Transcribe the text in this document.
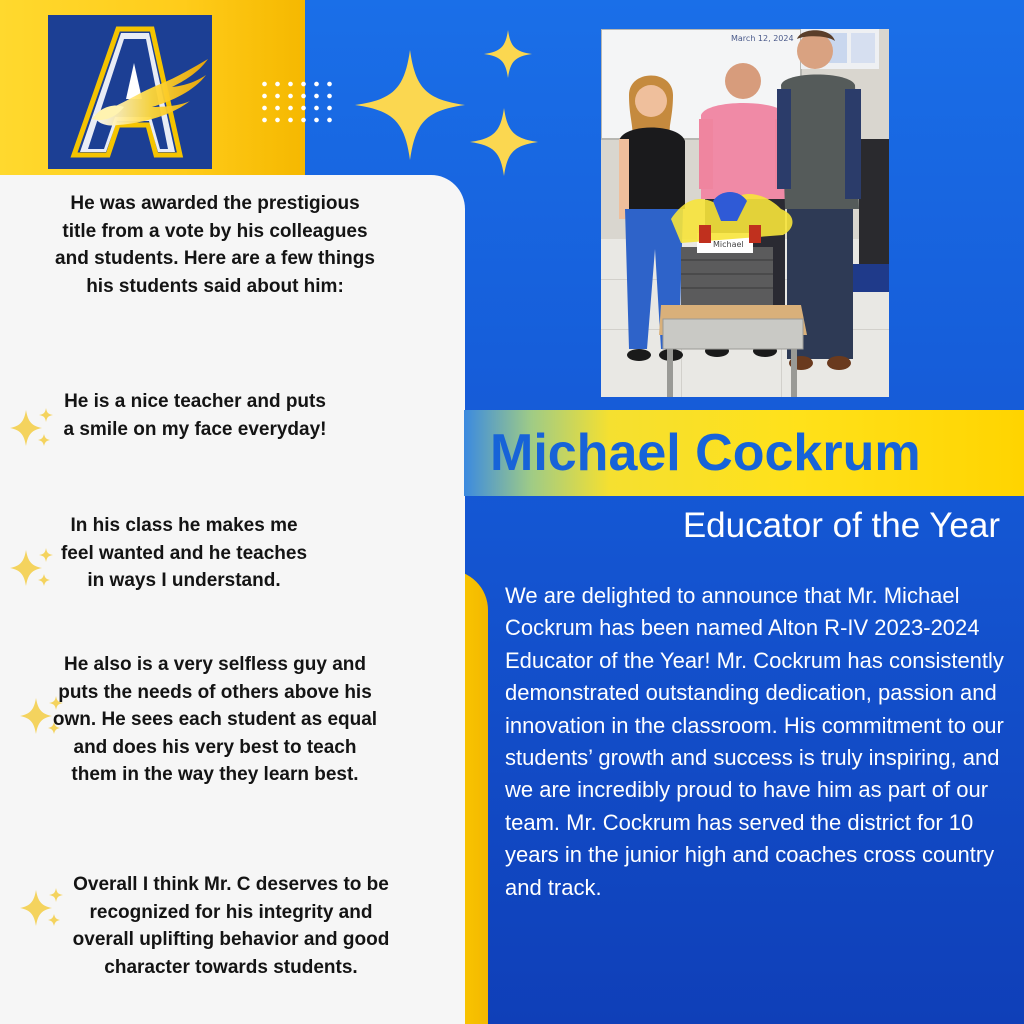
He was awarded the prestigious title from a vote by his colleagues and students. Here are a few things his students said about him:
He is a nice teacher and puts a smile on my face everyday!
In his class he makes me feel wanted and he teaches in ways I understand.
He also is a very selfless guy and puts the needs of others above his own. He sees each student as equal and does his very best to teach them in the way they learn best.
Overall I think Mr. C deserves to be recognized for his integrity and overall uplifting behavior and good character towards students.
March 12, 2024
Michael
Michael Cockrum
Educator of the Year
We are delighted to announce that Mr. Michael Cockrum has been named Alton R-IV 2023-2024 Educator of the Year! Mr. Cockrum has consistently demonstrated outstanding dedication, passion and innovation in the classroom. His commitment to our students’ growth and success is truly inspiring, and we are incredibly proud to have him as part of our team. Mr. Cockrum has served the district for 10 years in the junior high and coaches cross country and track.
